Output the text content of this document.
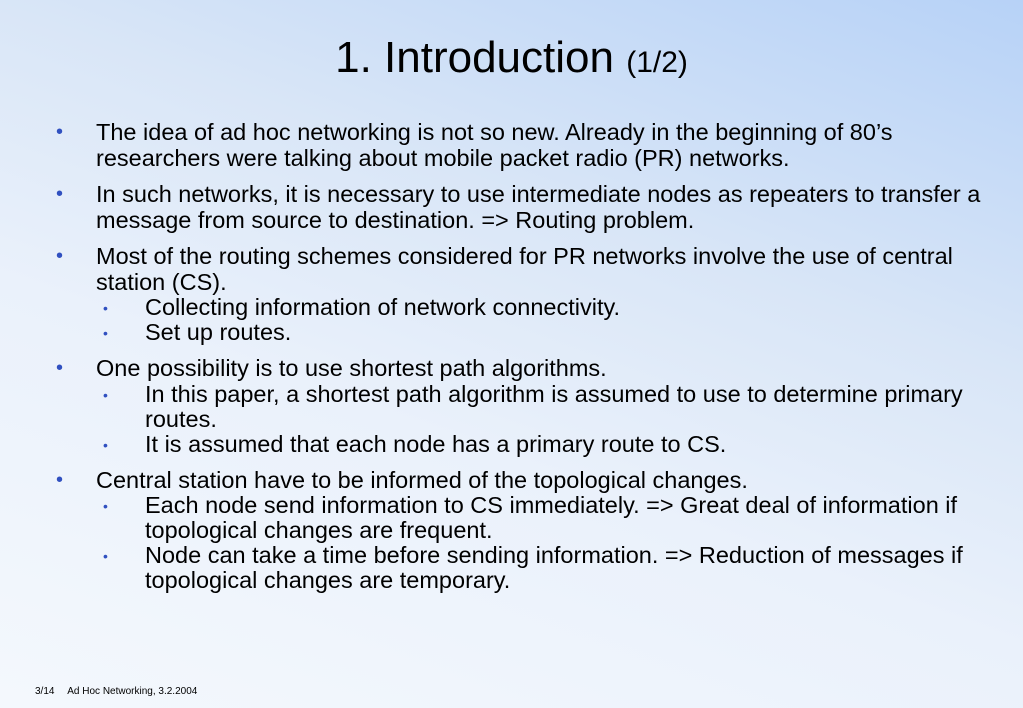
1. Introduction (1/2)
• The idea of ad hoc networking is not so new. Already in the beginning of 80’s researchers were talking about mobile packet radio (PR) networks.
• In such networks, it is necessary to use intermediate nodes as repeaters to transfer a message from source to destination. => Routing problem.
• Most of the routing schemes considered for PR networks involve the use of central station (CS).
• Collecting information of network connectivity.
• Set up routes.
• One possibility is to use shortest path algorithms.
• In this paper, a shortest path algorithm is assumed to use to determine primary routes.
• It is assumed that each node has a primary route to CS.
• Central station have to be informed of the topological changes.
• Each node send information to CS immediately. => Great deal of information if topological changes are frequent.
• Node can take a time before sending information. => Reduction of messages if topological changes are temporary.
3/14 Ad Hoc Networking, 3.2.2004
